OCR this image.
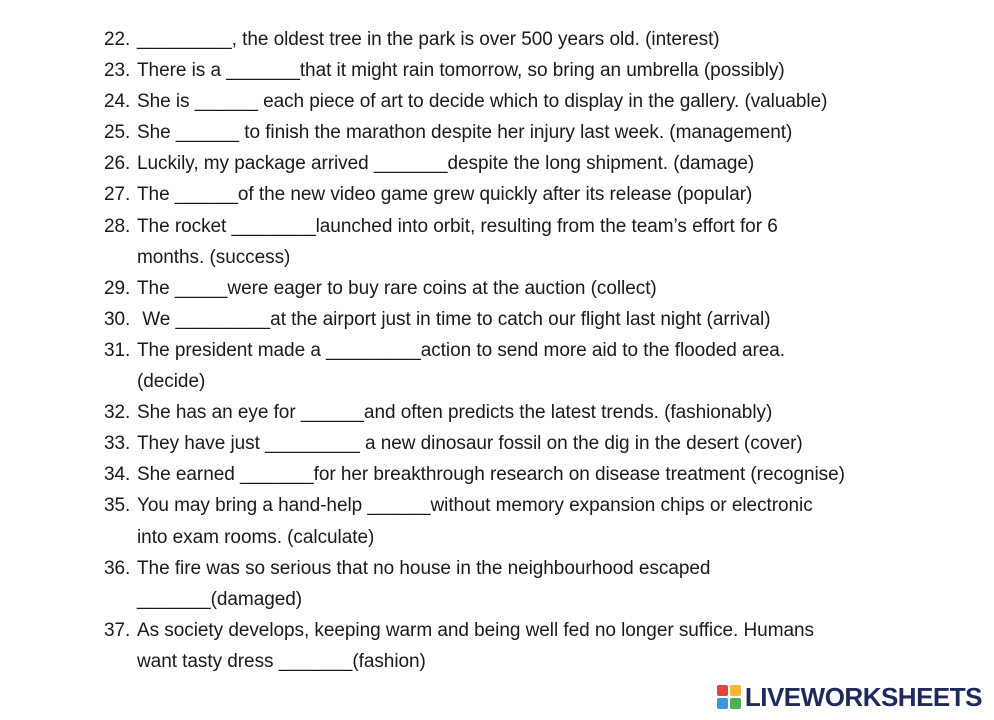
22. _________, the oldest tree in the park is over 500 years old. (interest)
23. There is a _______that it might rain tomorrow, so bring an umbrella (possibly)
24. She is ______ each piece of art to decide which to display in the gallery. (valuable)
25. She ______ to finish the marathon despite her injury last week. (management)
26. Luckily, my package arrived _______despite the long shipment. (damage)
27. The ______of the new video game grew quickly after its release (popular)
28. The rocket ________launched into orbit, resulting from the team’s effort for 6
months. (success)
29. The _____were eager to buy rare coins at the auction (collect)
30. We _________at the airport just in time to catch our flight last night (arrival)
31. The president made a _________action to send more aid to the flooded area.
(decide)
32. She has an eye for ______and often predicts the latest trends. (fashionably)
33. They have just _________ a new dinosaur fossil on the dig in the desert (cover)
34. She earned _______for her breakthrough research on disease treatment (recognise)
35. You may bring a hand-help ______without memory expansion chips or electronic
into exam rooms. (calculate)
36. The fire was so serious that no house in the neighbourhood escaped
_______(damaged)
37. As society develops, keeping warm and being well fed no longer suffice. Humans
want tasty dress _______(fashion)
LIVEWORKSHEETS
